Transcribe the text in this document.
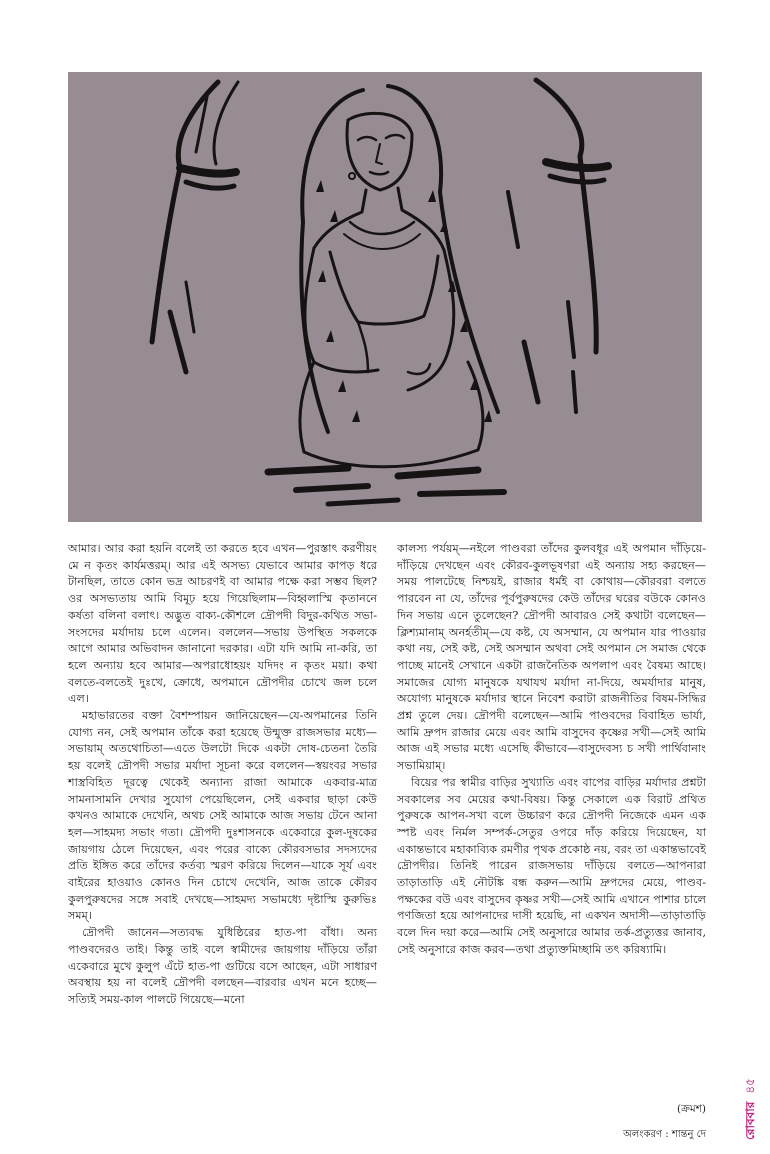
আমার। আর করা হয়নি বলেই তা করতে হবে এখন—পুরস্তাৎ করণীয়ং মে ন কৃতং কার্যমত্তরম্। আর এই অসভ্য যেভাবে আমার কাপড় ধরে টানছিল, তাতে কোন ভদ্র আচরণই বা আমার পক্ষে করা সম্ভব ছিল? ওর অসভ্যতায় আমি বিমূঢ় হয়ে গিয়েছিলাম—বিহ্বলাস্মি কৃতাননে কর্ষতা বলিনা বলাৎ। অদ্ভুত বাক্য-কৌশলে দ্রৌপদী বিদুর-কথিত সভা-সংসদের মর্যাদায় চলে এলেন। বললেন—সভায় উপস্থিত সকলকে আগে আমার অভিবাদন জানানো দরকার। এটা যদি আমি না-করি, তা হলে অন্যায় হবে আমার—অপরাধোহয়ং যদিদং ন কৃতং ময়া। কথা বলতে-বলতেই দুঃখে, ক্রোধে, অপমানে দ্রৌপদীর চোখে জল চলে এল।

মহাভারতের বক্তা বৈশম্পায়ন জানিয়েছেন—যে-অপমানের তিনি যোগ্য নন, সেই অপমান তাঁকে করা হয়েছে উন্মুক্ত রাজসভার মধ্যে—সভায়াম্ অতথোচিতা—এতে উলটো দিকে একটা দোষ-চেতনা তৈরি হয় বলেই দ্রৌপদী সভার মর্যাদা সূচনা করে বললেন—স্বয়ংবর সভার শাস্ত্রবিহিত দূরত্বে থেকেই অন্যান্য রাজা আমাকে একবার-মাত্র সামনাসামনি দেখার সুযোগ পেয়েছিলেন, সেই একবার ছাড়া কেউ কখনও আমাকে দেখেনি, অথচ সেই আমাকে আজ সভায় টেনে আনা হল—সাহমদ্য সভাং গতা। দ্রৌপদী দুঃশাসনকে একেবারে কুল-দূষকের জায়গায় ঠেলে দিয়েছেন, এবং পরের বাক্যে কৌরবসভার সদস্যদের প্রতি ইঙ্গিত করে তাঁদের কর্তব্য স্মরণ করিয়ে দিলেন—যাকে সূর্য এবং বাইরের হাওয়াও কোনও দিন চোখে দেখেনি, আজ তাকে কৌরব কুলপুরুষদের সঙ্গে সবাই দেখছে—সাহমদ্য সভামধ্যে দৃষ্টাস্মি কুরুভিঃ সমম্।

দ্রৌপদী জানেন—সত্যবদ্ধ যুধিষ্ঠিরের হাত-পা বাঁধা। অন্য পাণ্ডবদেরও তাই। কিন্তু তাই বলে স্বামীদের জায়গায় দাঁড়িয়ে তাঁরা একেবারে মুখে কুলুপ এঁটে হাত-পা গুটিয়ে বসে আছেন, এটা সাধারণ অবস্থায় হয় না বলেই দ্রৌপদী বলছেন—বারবার এখন মনে হচ্ছে—সত্যিই সময়-কাল পালটে গিয়েছে—মনো

কালস্য পর্যয়ম্—নইলে পাণ্ডবরা তাঁদের কুলবধূর এই অপমান দাঁড়িয়ে-দাঁড়িয়ে দেখছেন এবং কৌরব-কুলভূষণরা এই অন্যায় সহ্য করছেন—সময় পালটেছে নিশ্চয়ই, রাজার ধর্মই বা কোথায়—কৌরবরা বলতে পারবেন না যে, তাঁদের পূর্বপুরুষদের কেউ তাঁদের ঘরের বউকে কোনও দিন সভায় এনে তুলেছেন? দ্রৌপদী আবারও সেই কথাটা বলেছেন—ক্লিশ্যমানাম্ অনর্হতীম্—যে কষ্ট, যে অসম্মান, যে অপমান যার পাওয়ার কথা নয়, সেই কষ্ট, সেই অসম্মান অথবা সেই অপমান সে সমাজ থেকে পাচ্ছে মানেই সেখানে একটা রাজনৈতিক অপলাপ এবং বৈষম্য আছে। সমাজের যোগ্য মানুষকে যথাযথ মর্যাদা না-দিয়ে, অমর্যাদার মানুষ, অযোগ্য মানুষকে মর্যাদার স্থানে নিবেশ করাটা রাজনীতির বিষম-সিদ্ধির প্রশ্ন তুলে দেয়। দ্রৌপদী বলেছেন—আমি পাণ্ডবদের বিবাহিত ভার্যা, আমি দ্রুপদ রাজার মেয়ে এবং আমি বাসুদেব কৃষ্ণের সখী—সেই আমি আজ এই সভার মধ্যে এসেছি কীভাবে—বাসুদেবস্য চ সখী পার্থিবানাং সভামিয়াম্।

বিয়ের পর স্বামীর বাড়ির সুখ্যাতি এবং বাপের বাড়ির মর্যাদার প্রশ্নটা সবকালের সব মেয়ের কথা-বিষয়। কিন্তু সেকালে এক বিরাট প্রথিত পুরুষকে আপন-সখা বলে উচ্চারণ করে দ্রৌপদী নিজেকে এমন এক স্পষ্ট এবং নির্মল সম্পর্ক-সেতুর ওপরে দাঁড় করিয়ে দিয়েছেন, যা একান্তভাবে মহাকাব্যিক রমণীর পৃথক প্রকোষ্ঠ নয়, বরং তা একান্তভাবেই দ্রৌপদীর। তিনিই পারেন রাজসভায় দাঁড়িয়ে বলতে—আপনারা তাড়াতাড়ি এই নৌটঙ্কি বন্ধ করুন—আমি দ্রুপদের মেয়ে, পাণ্ডব-পক্ষকের বউ এবং বাসুদেব কৃষ্ণর সখী—সেই আমি এখানে পাশার চালে পণজিতা হয়ে আপনাদের দাসী হয়েছি, না একখন অদাসী—তাড়াতাড়ি বলে দিন দয়া করে—আমি সেই অনুসারে আমার তর্ক-প্রত্যুত্তর জানাব, সেই অনুসারে কাজ করব—তথা প্রত্যুক্তমিচ্ছামি তৎ করিষ্যামি।

(ক্রমশ)
অলংকরণ : শান্তনু দে	রোববার৪৫
